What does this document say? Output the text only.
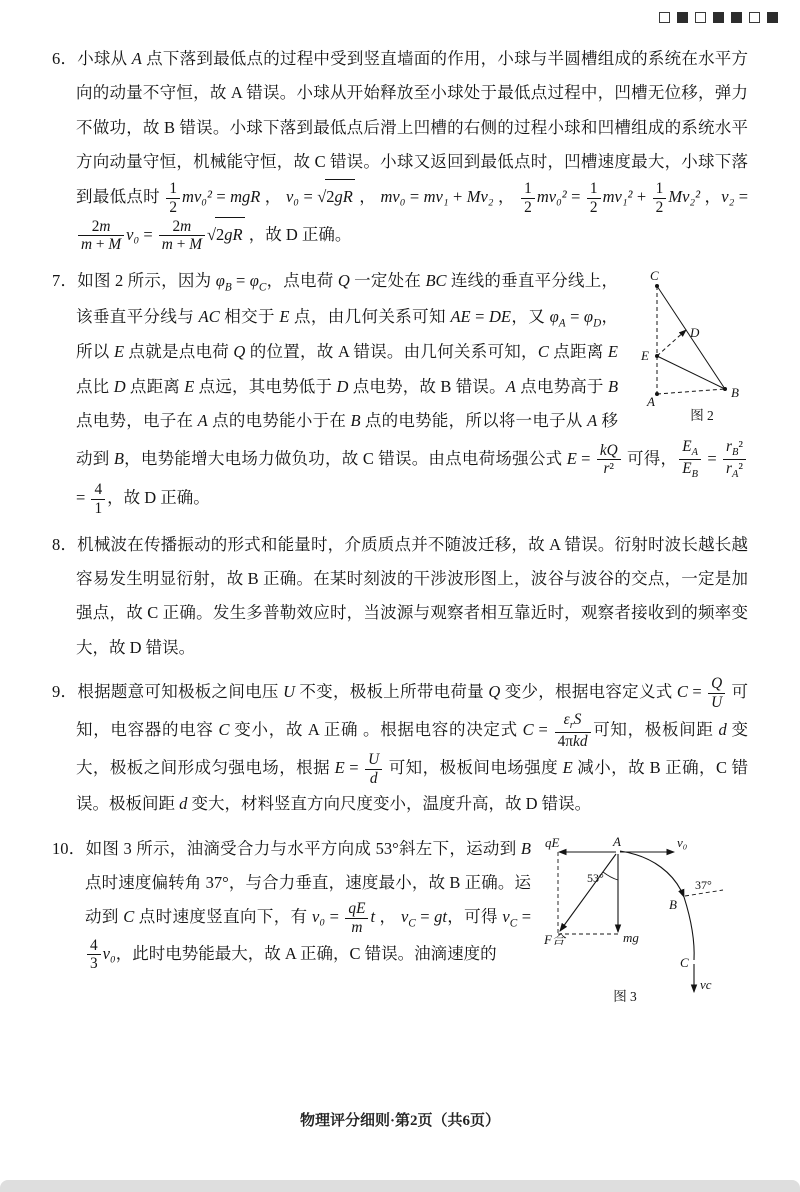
6．小球从 A 点下落到最低点的过程中受到竖直墙面的作用，小球与半圆槽组成的系统在水平方向的动量不守恒，故 A 错误。小球从开始释放至小球处于最低点过程中，凹槽无位移，弹力不做功，故 B 错误。小球下落到最低点后滑上凹槽的右侧的过程小球和凹槽组成的系统水平方向动量守恒，机械能守恒，故 C 错误。小球又返回到最低点时，凹槽速度最大，小球下落到最低点时 $\frac{1}{2} mv_0^2$ = mgR ， v₀ = √2gR ， mv₀ = mv₁ + Mv₂ ， $\frac{1}{2} mv_0^2 = \frac{1}{2} mv_1^2 + \frac{1}{2} Mv_2^2$ ，v₂ =
$\frac{2m}{m + M} v_0 = \frac{2m}{m + M} √2gR$ ，故 D 正确。

C
D
E
A
B
图 2
7．如图 2 所示，因为 $\varphi_B = \varphi_C$，点电荷 Q 一定处在 BC 连线的垂直平分线上，该垂直平分线与 AC 相交于 E 点，由几何关系可知 AE = DE，又 $\varphi_A = \varphi_D$，所以 E 点就是点电荷 Q 的位置，故 A 错误。由几何关系可知，C 点距离 E 点比 D 点距离 E 点远，其电势低于 D 点电势，故 B 错误。A 点电势高于 B 点电势，电子在 A 点的电势能小于在 B 点的电势能，所以将一电子从 A 移动到 B，电势能增大电场力做负功，故 C 错误。由点电荷场强公式 $E = \frac{kQ}{\text{r²}}$ 可得， $\frac{E_A}{E_B} = \frac{r_B^2}{r_A^2}$
= $\frac{4}{1}$ ，故 D 正确。

8．机械波在传播振动的形式和能量时，介质质点并不随波迁移，故 A 错误。衍射时波长越长越容易发生明显衍射，故 B 正确。在某时刻波的干涉波形图上，波谷与波谷的交点，一定是加强点，故 C 正确。发生多普勒效应时，当波源与观察者相互靠近时，观察者接收到的频率变大，故 D 错误。

9．根据题意可知极板之间电压 U 不变，极板上所带电荷量 Q 变少，根据电容定义式 $C = \frac{Q}{U}$ 可知，电容器的电容 C 变小，故 A 正确 。根据电容的决定式 $C = \frac{\varepsilon_rS}{\text{4πkd}}$ 可知，极板间距 d 变大，极板之间形成匀强电场，根据 $E = \frac{U}{d}$ 可知，极板间电场强度 E 减小，故 B 正确，C 错误。极板间距 d 变大，材料竖直方向尺度变小，温度升高，故 D 错误。

qE	A	v₀
53°
B
37°
F合	mg
C
vc
图 3
10．如图 3 所示，油滴受合力与水平方向成 53°斜左下，运动到 B 点时速度偏转角 37°，与合力垂直，速度最小，故 B 正确。运动到 C 点时速度竖直向下，有 $v_0 = \frac{qE}{m}$ t ， $v_C$ = gt，可得 $v_C$ =
$\frac{4}{3} v_0$，此时电势能最大，故 A 正确，C 错误。油滴速度的

物理评分细则·第2页（共6页）
